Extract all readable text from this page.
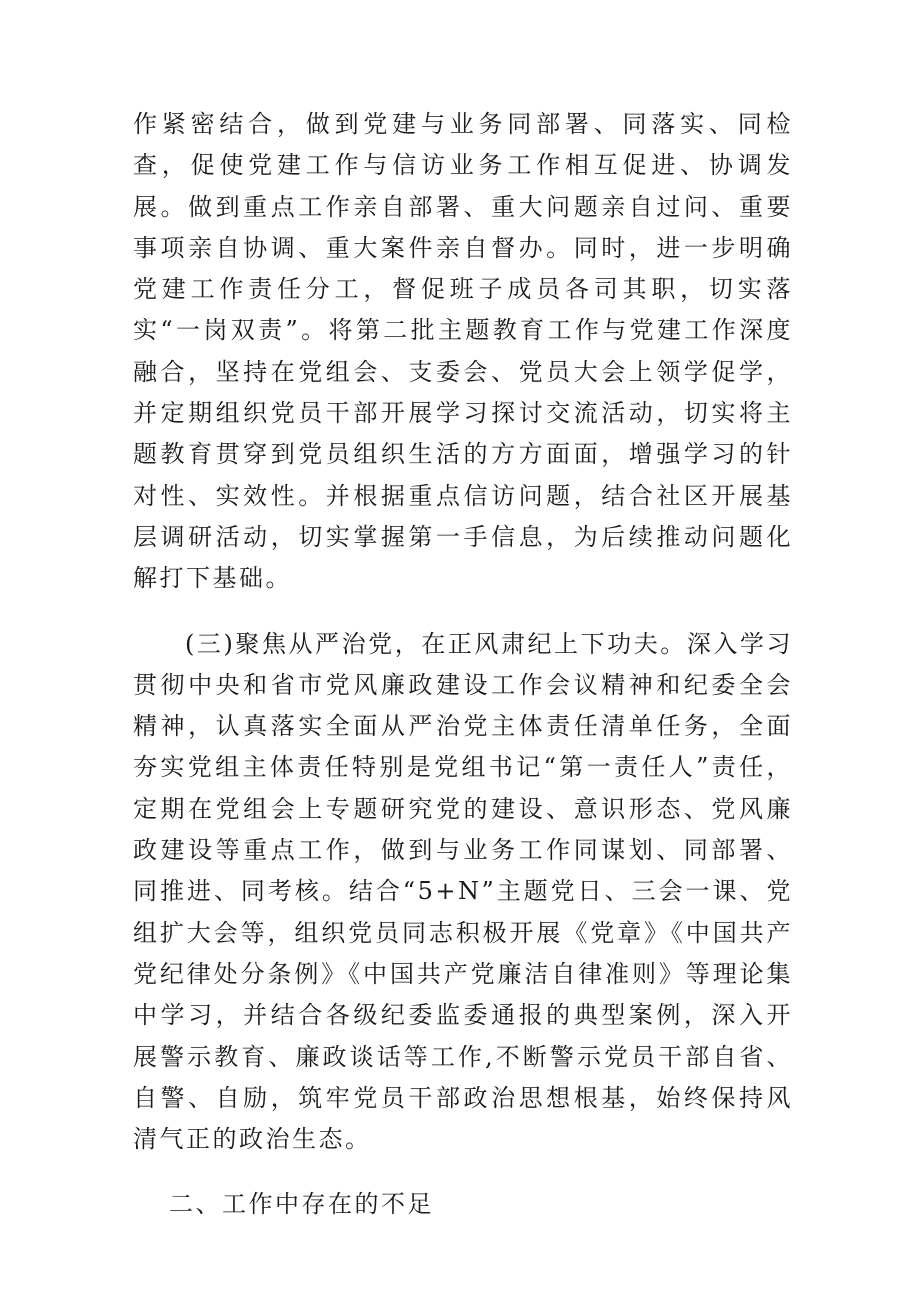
作紧密结合，做到党建与业务同部署、同落实、同检查，促使党建工作与信访业务工作相互促进、协调发展。做到重点工作亲自部署、重大问题亲自过问、重要事项亲自协调、重大案件亲自督办。同时，进一步明确党建工作责任分工，督促班子成员各司其职，切实落实“一岗双责”。将第二批主题教育工作与党建工作深度融合，坚持在党组会、支委会、党员大会上领学促学，并定期组织党员干部开展学习探讨交流活动，切实将主题教育贯穿到党员组织生活的方方面面，增强学习的针对性、实效性。并根据重点信访问题，结合社区开展基层调研活动，切实掌握第一手信息，为后续推动问题化解打下基础。

(三)聚焦从严治党，在正风肃纪上下功夫。深入学习贯彻中央和省市党风廉政建设工作会议精神和纪委全会精神，认真落实全面从严治党主体责任清单任务，全面夯实党组主体责任特别是党组书记“第一责任人”责任，定期在党组会上专题研究党的建设、意识形态、党风廉政建设等重点工作，做到与业务工作同谋划、同部署、同推进、同考核。结合“5+N”主题党日、三会一课、党组扩大会等，组织党员同志积极开展《党章》《中国共产党纪律处分条例》《中国共产党廉洁自律准则》等理论集中学习，并结合各级纪委监委通报的典型案例，深入开展警示教育、廉政谈话等工作,不断警示党员干部自省、自警、自励，筑牢党员干部政治思想根基，始终保持风清气正的政治生态。

二、工作中存在的不足
